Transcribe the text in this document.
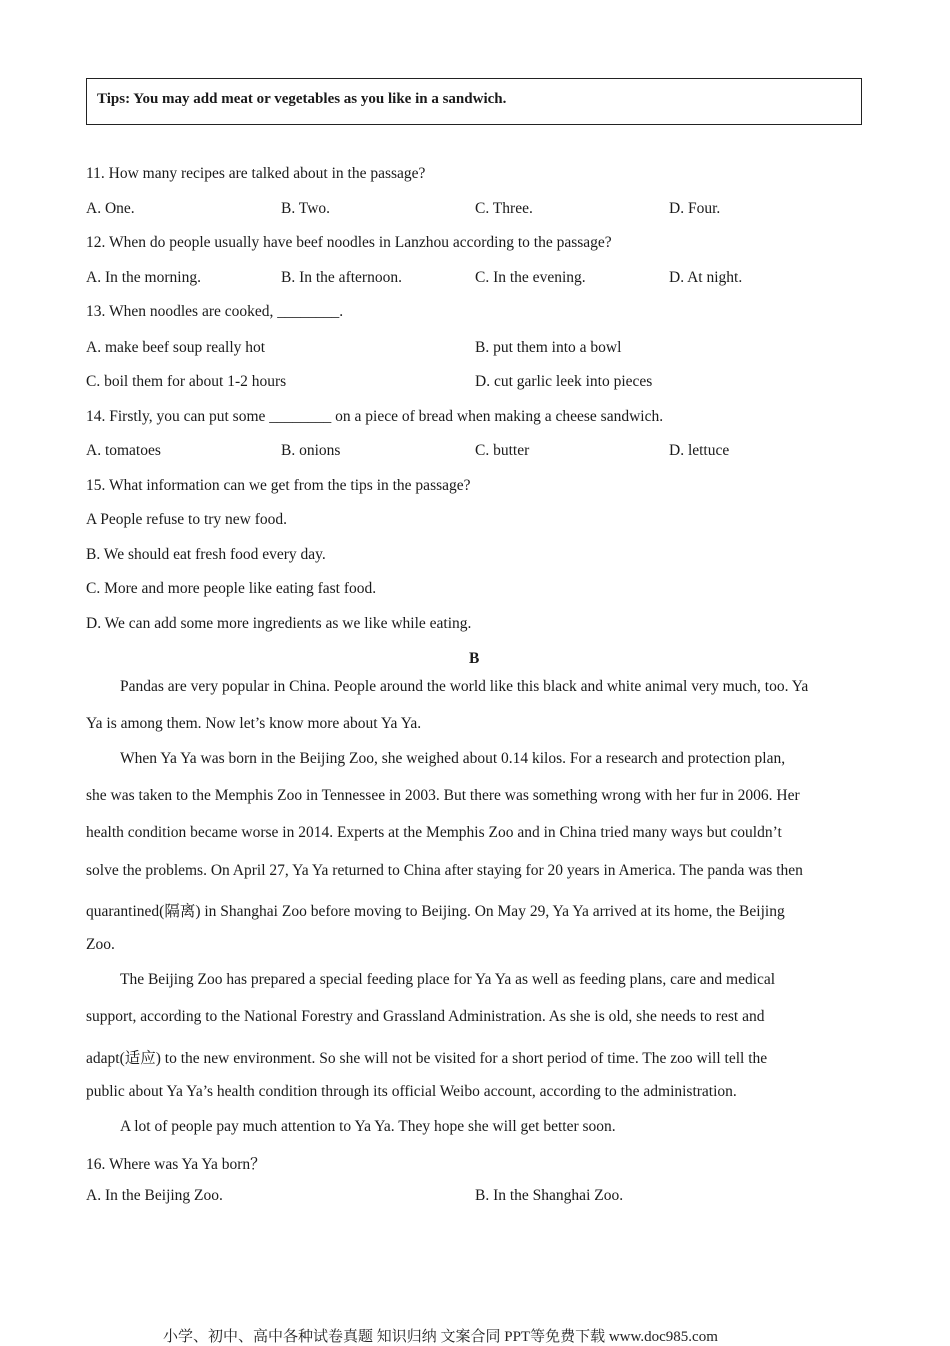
Tips: You may add meat or vegetables as you like in a sandwich.
11. How many recipes are talked about in the passage?
A. One.	B. Two.	C. Three.	D. Four.
12. When do people usually have beef noodles in Lanzhou according to the passage?
A. In the morning.	B. In the afternoon.	C. In the evening.	D. At night.
13. When noodles are cooked, ________.
A. make beef soup really hot	B. put them into a bowl
C. boil them for about 1-2 hours	D. cut garlic leek into pieces
14. Firstly, you can put some ________ on a piece of bread when making a cheese sandwich.
A. tomatoes	B. onions	C. butter	D. lettuce
15. What information can we get from the tips in the passage?
A People refuse to try new food.
B. We should eat fresh food every day.
C. More and more people like eating fast food.
D. We can add some more ingredients as we like while eating.
B
Pandas are very popular in China. People around the world like this black and white animal very much, too. Ya
Ya is among them. Now let’s know more about Ya Ya.
When Ya Ya was born in the Beijing Zoo, she weighed about 0.14 kilos. For a research and protection plan,
she was taken to the Memphis Zoo in Tennessee in 2003. But there was something wrong with her fur in 2006. Her
health condition became worse in 2014. Experts at the Memphis Zoo and in China tried many ways but couldn’t
solve the problems. On April 27, Ya Ya returned to China after staying for 20 years in America. The panda was then
quarantined(隔离) in Shanghai Zoo before moving to Beijing. On May 29, Ya Ya arrived at its home, the Beijing
Zoo.
The Beijing Zoo has prepared a special feeding place for Ya Ya as well as feeding plans, care and medical
support, according to the National Forestry and Grassland Administration. As she is old, she needs to rest and
adapt(适应) to the new environment. So she will not be visited for a short period of time. The zoo will tell the
public about Ya Ya’s health condition through its official Weibo account, according to the administration.
A lot of people pay much attention to Ya Ya. They hope she will get better soon.
16. Where was Ya Ya born？
A. In the Beijing Zoo.	B. In the Shanghai Zoo.
小学、初中、高中各种试卷真题 知识归纳 文案合同 PPT等免费下载 www.doc985.com
